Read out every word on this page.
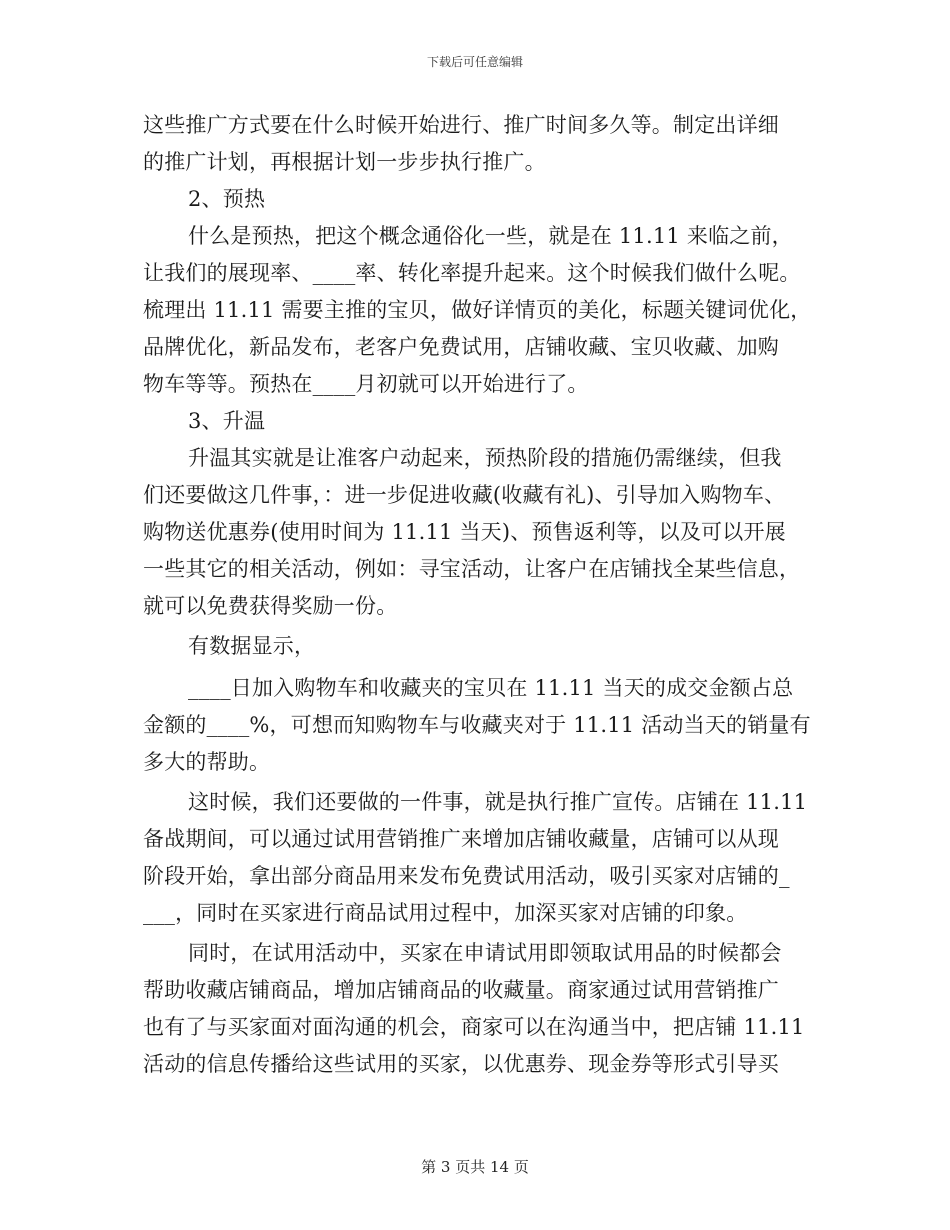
下载后可任意编辑

这些推广方式要在什么时候开始进行、推广时间多久等。制定出详细

的推广计划，再根据计划一步步执行推广。

2、预热

什么是预热，把这个概念通俗化一些，就是在 11.11 来临之前，

让我们的展现率、____率、转化率提升起来。这个时候我们做什么呢。

梳理出 11.11 需要主推的宝贝，做好详情页的美化，标题关键词优化，

品牌优化，新品发布，老客户免费试用，店铺收藏、宝贝收藏、加购

物车等等。预热在____月初就可以开始进行了。

3、升温

升温其实就是让准客户动起来，预热阶段的措施仍需继续，但我

们还要做这几件事，：进一步促进收藏(收藏有礼)、引导加入购物车、

购物送优惠券(使用时间为 11.11 当天)、预售返利等，以及可以开展

一些其它的相关活动，例如：寻宝活动，让客户在店铺找全某些信息，

就可以免费获得奖励一份。

有数据显示，

____日加入购物车和收藏夹的宝贝在 11.11 当天的成交金额占总

金额的____%，可想而知购物车与收藏夹对于 11.11 活动当天的销量有

多大的帮助。

这时候，我们还要做的一件事，就是执行推广宣传。店铺在 11.11

备战期间，可以通过试用营销推广来增加店铺收藏量，店铺可以从现

阶段开始，拿出部分商品用来发布免费试用活动，吸引买家对店铺的_

___，同时在买家进行商品试用过程中，加深买家对店铺的印象。

同时，在试用活动中，买家在申请试用即领取试用品的时候都会

帮助收藏店铺商品，增加店铺商品的收藏量。商家通过试用营销推广

也有了与买家面对面沟通的机会，商家可以在沟通当中，把店铺 11.11

活动的信息传播给这些试用的买家，以优惠券、现金券等形式引导买

第 3 页共 14 页
